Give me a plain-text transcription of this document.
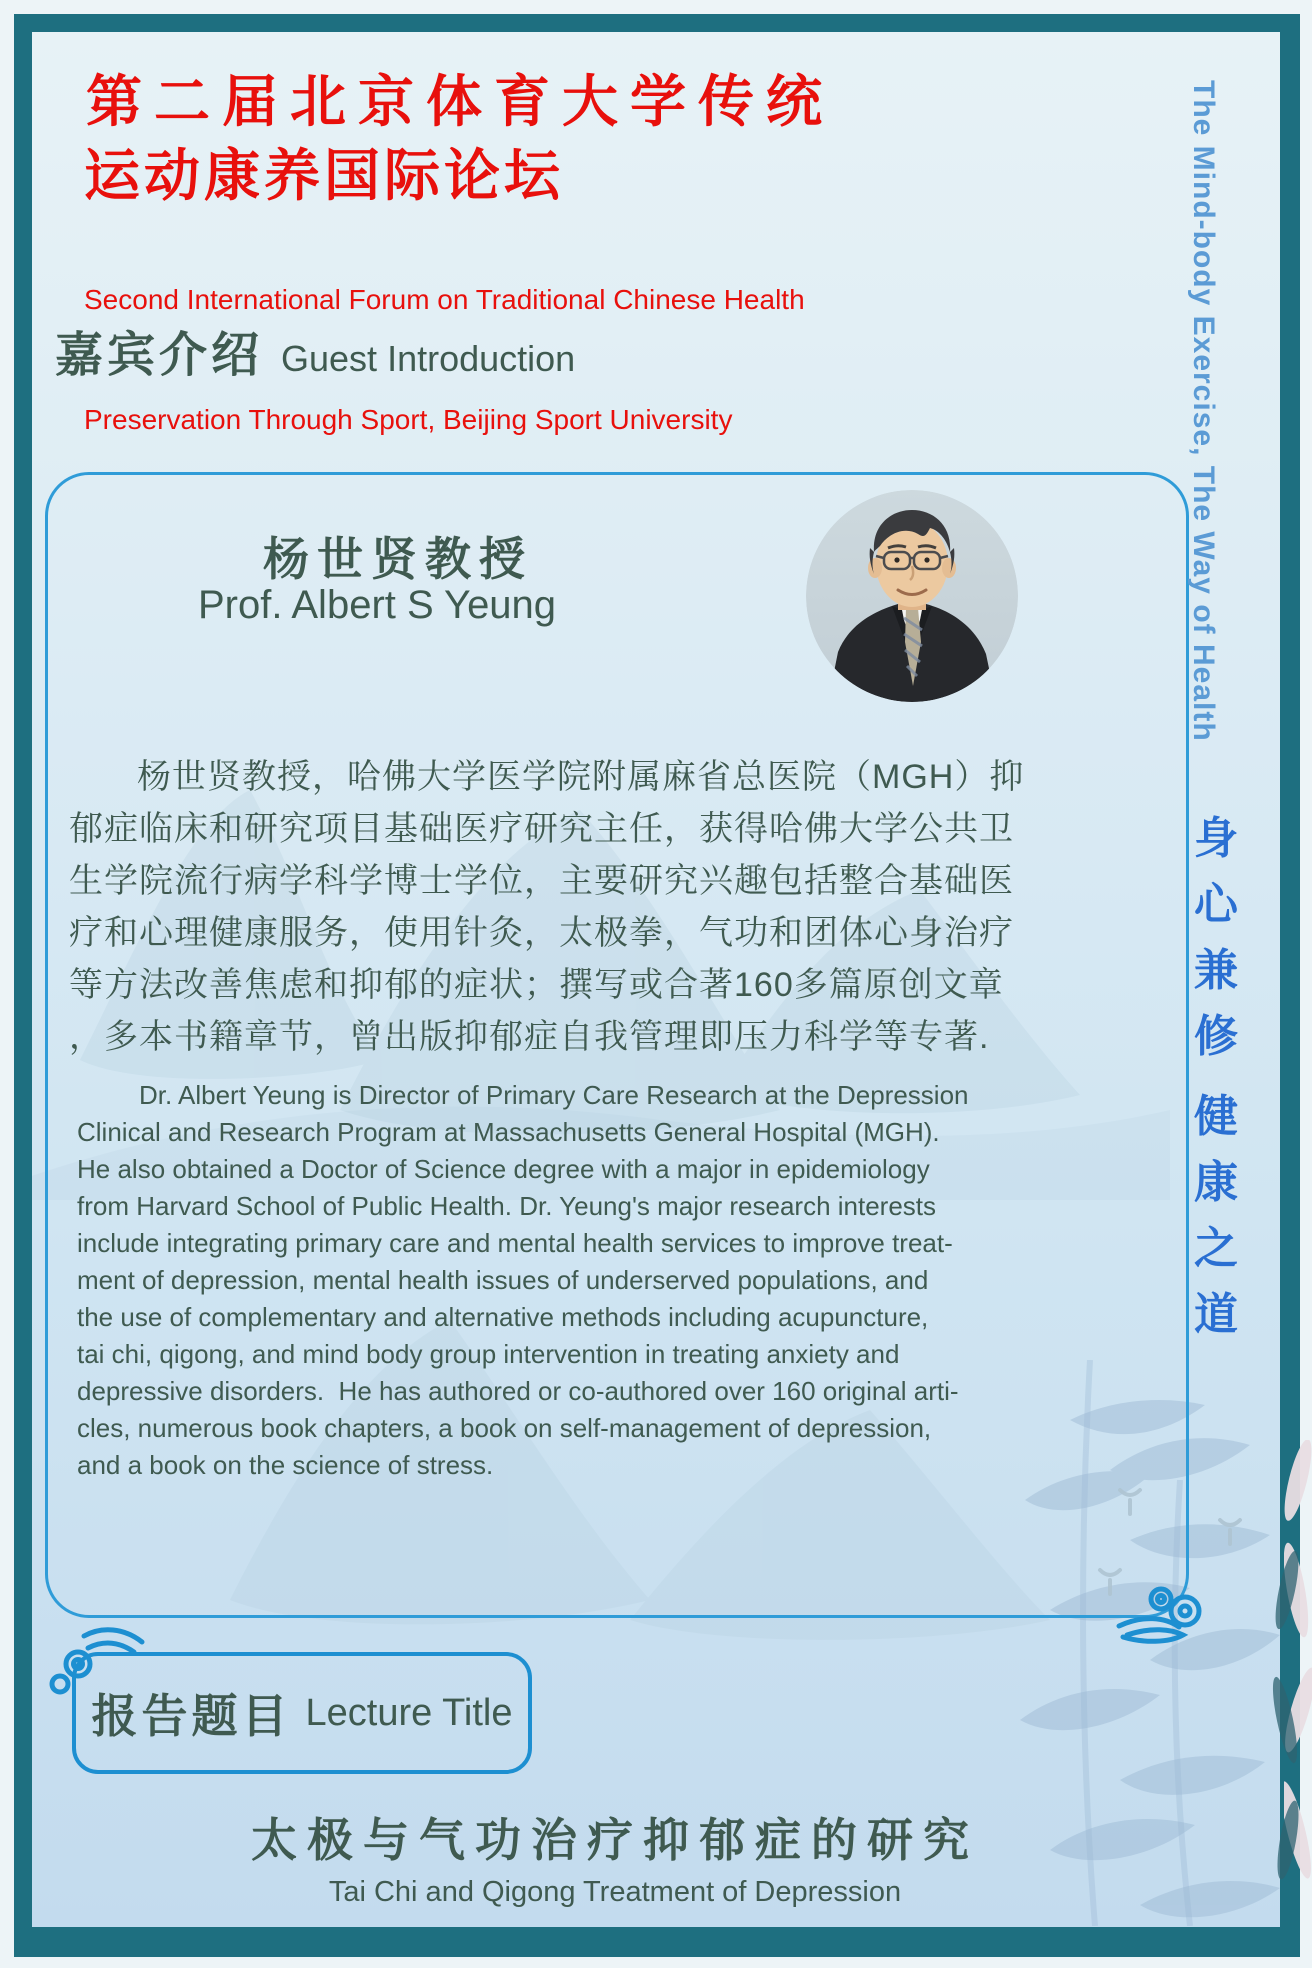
第二届北京体育大学传统
运动康养国际论坛

Second International Forum on Traditional Chinese Health

Preservation Through Sport, Beijing Sport University

嘉宾介绍 Guest Introduction
杨世贤教授
Prof. Albert S Yeung
杨世贤教授，哈佛大学医学院附属麻省总医院（MGH）抑
郁症临床和研究项目基础医疗研究主任，获得哈佛大学公共卫
生学院流行病学科学博士学位，主要研究兴趣包括整合基础医
疗和心理健康服务，使用针灸，太极拳，气功和团体心身治疗
等方法改善焦虑和抑郁的症状；撰写或合著160多篇原创文章
，多本书籍章节，曾出版抑郁症自我管理即压力科学等专著.
Dr. Albert Yeung is Director of Primary Care Research at the Depression
Clinical and Research Program at Massachusetts General Hospital (MGH).
He also obtained a Doctor of Science degree with a major in epidemiology
from Harvard School of Public Health. Dr. Yeung's major research interests
include integrating primary care and mental health services to improve treat-
ment of depression, mental health issues of underserved populations, and
the use of complementary and alternative methods including acupuncture,
tai chi, qigong, and mind body group intervention in treating anxiety and
depressive disorders.  He has authored or co-authored over 160 original arti-
cles, numerous book chapters, a book on self-management of depression,
and a book on the science of stress.
The Mind-body Exercise, The Way of Health
身
心
兼
修
健
康
之
道
报告题目 Lecture Title
太极与气功治疗抑郁症的研究
Tai Chi and Qigong Treatment of Depression
